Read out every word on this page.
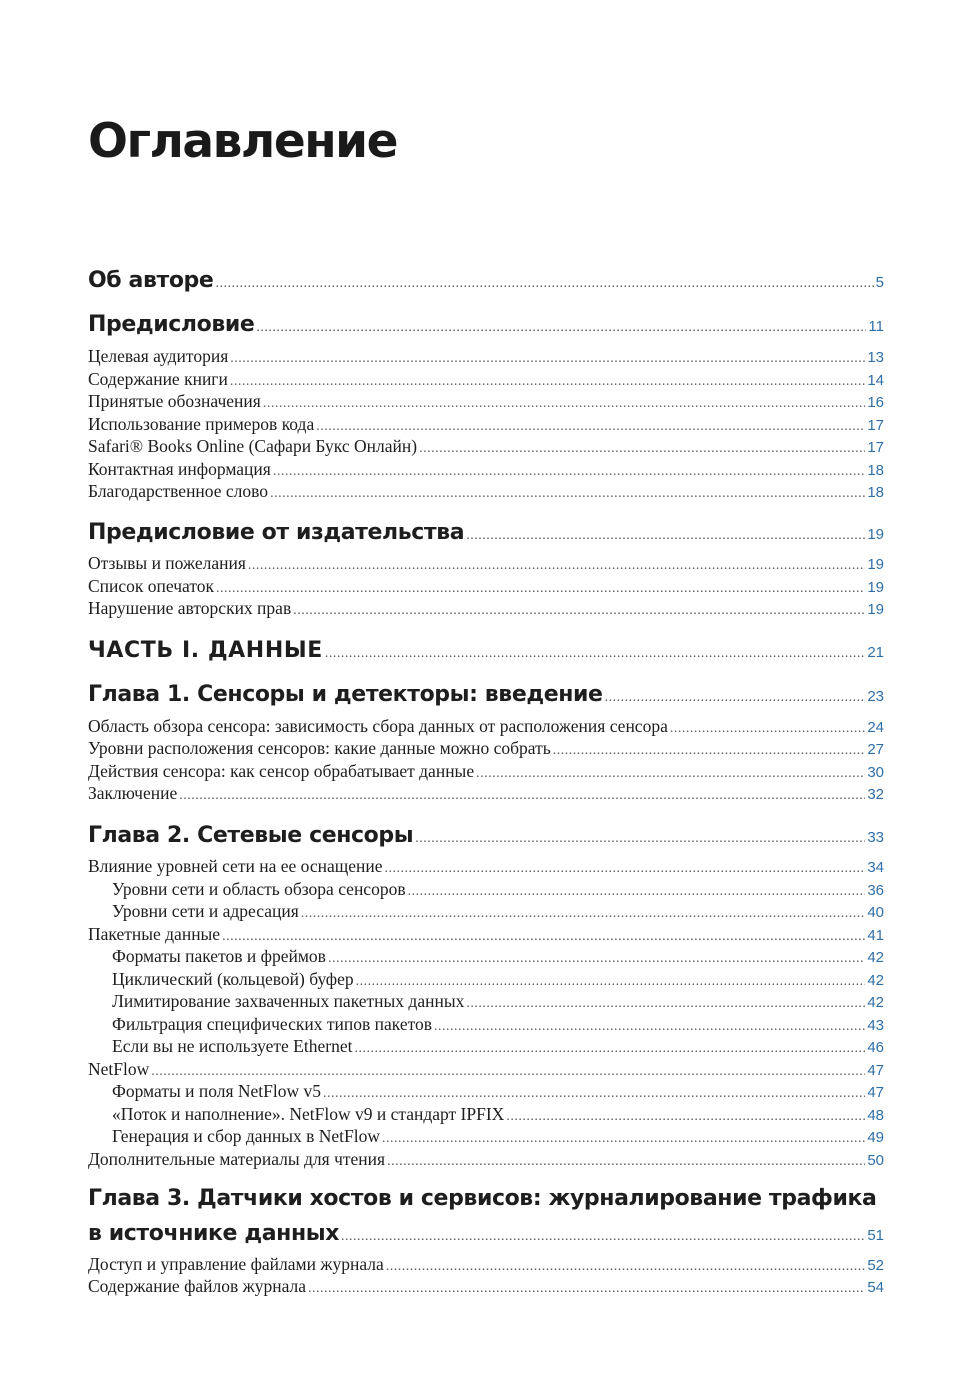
Оглавление
Об авторе .....	5
Предисловие .....	11
Целевая аудитория .....	13
Содержание книги .....	14
Принятые обозначения .....	16
Использование примеров кода .....	17
Safari® Books Online (Сафари Букс Онлайн) .....	17
Контактная информация .....	18
Благодарственное слово .....	18
Предисловие от издательства .....	19
Отзывы и пожелания .....	19
Список опечаток .....	19
Нарушение авторских прав .....	19
ЧАСТЬ I. ДАННЫЕ .....	21
Глава 1. Сенсоры и детекторы: введение .....	23
Область обзора сенсора: зависимость сбора данных от расположения сенсора .....	24
Уровни расположения сенсоров: какие данные можно собрать .....	27
Действия сенсора: как сенсор обрабатывает данные .....	30
Заключение .....	32
Глава 2. Сетевые сенсоры .....	33
Влияние уровней сети на ее оснащение .....	34
Уровни сети и область обзора сенсоров .....	36
Уровни сети и адресация .....	40
Пакетные данные .....	41
Форматы пакетов и фреймов .....	42
Циклический (кольцевой) буфер .....	42
Лимитирование захваченных пакетных данных .....	42
Фильтрация специфических типов пакетов .....	43
Если вы не используете Ethernet .....	46
NetFlow .....	47
Форматы и поля NetFlow v5 .....	47
«Поток и наполнение». NetFlow v9 и стандарт IPFIX .....	48
Генерация и сбор данных в NetFlow .....	49
Дополнительные материалы для чтения .....	50
Глава 3. Датчики хостов и сервисов: журналирование трафика
в источнике данных .....	51
Доступ и управление файлами журнала .....	52
Содержание файлов журнала .....	54
